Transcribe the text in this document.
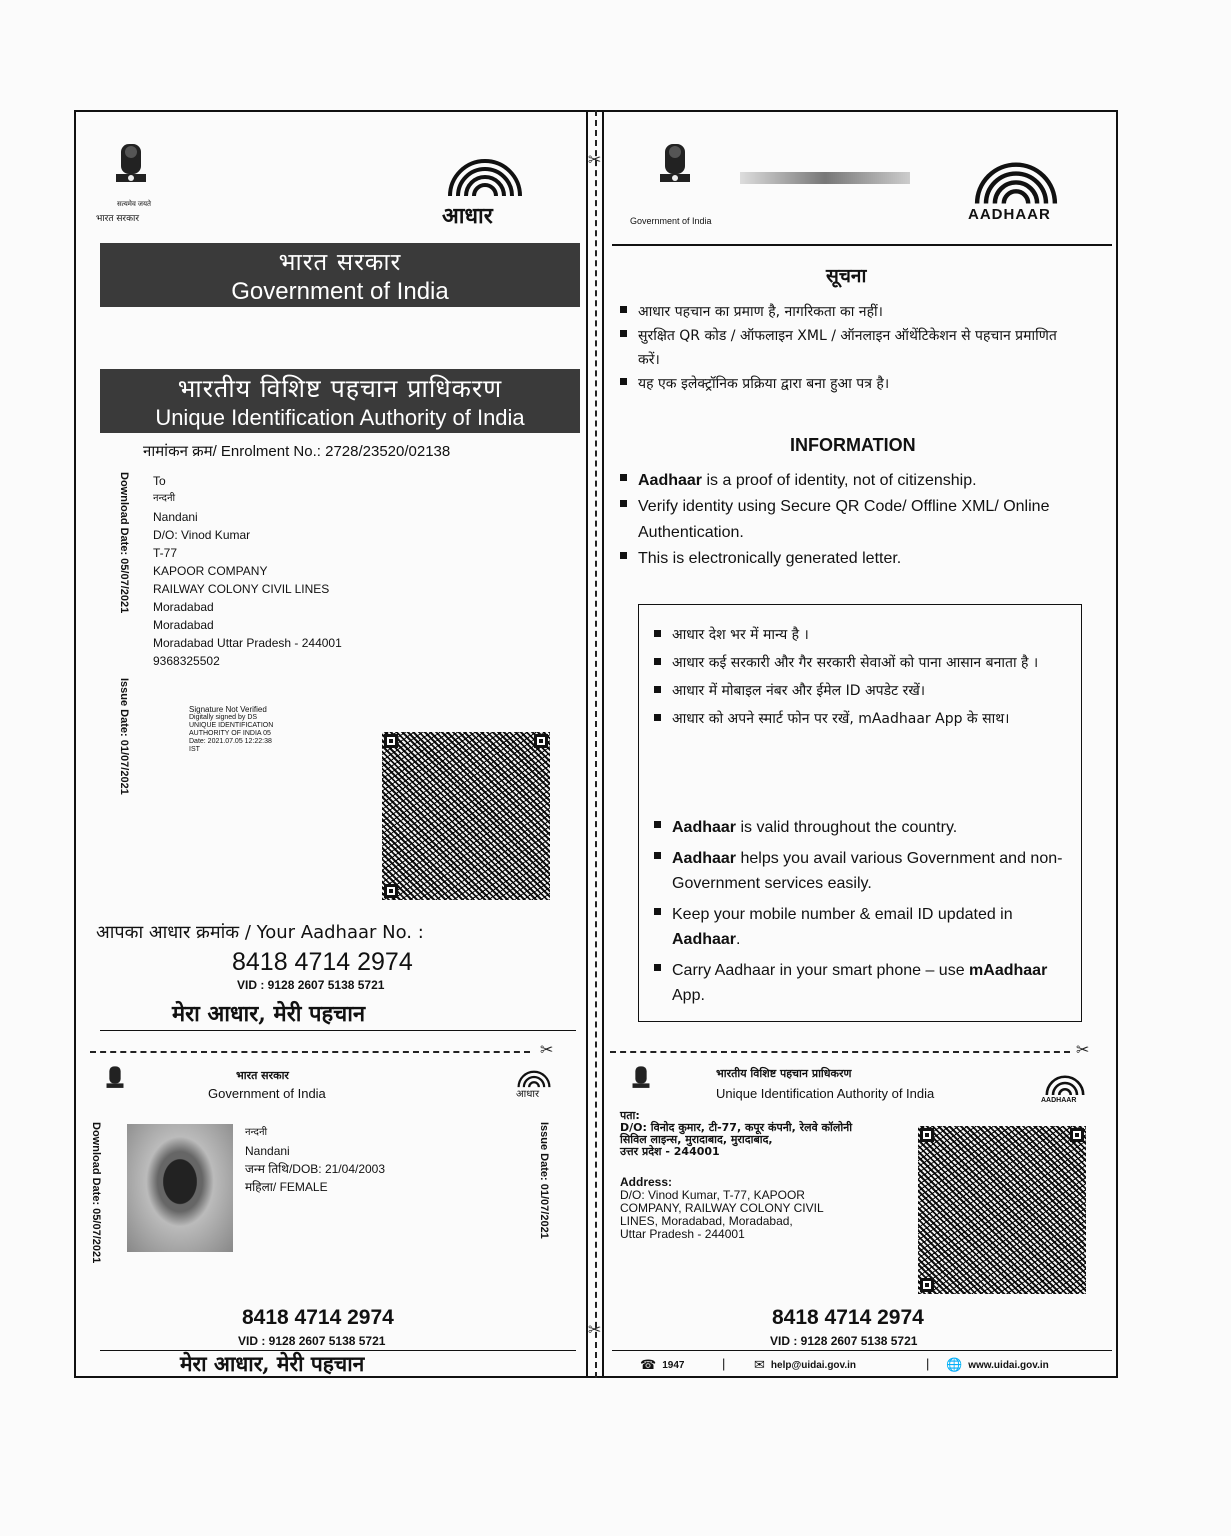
✂
✂
सत्यमेव जयते
भारत सरकार	आधार
भारत सरकार
Government of India
भारतीय विशिष्ट पहचान प्राधिकरण
Unique Identification Authority of India
नामांकन क्रम/ Enrolment No.: 2728/23520/02138
Download Date: 05/07/2021
Issue Date: 01/07/2021
To
नन्दनी
Nandani
D/O: Vinod Kumar
T-77
KAPOOR COMPANY
RAILWAY COLONY CIVIL LINES
Moradabad
Moradabad
Moradabad Uttar Pradesh - 244001
9368325502
Signature Not Verified
Digitally signed by DS
UNIQUE IDENTIFICATION
AUTHORITY OF INDIA 05
Date: 2021.07.05 12:22:38
IST
आपका आधार क्रमांक / Your Aadhaar No. :
8418 4714 2974
VID : 9128 2607 5138 5721
मेरा आधार, मेरी पहचान
✂
भारत सरकार
Government of India	आधार
Download Date: 05/07/2021	Issue Date: 01/07/2021
नन्दनी
Nandani
जन्म तिथि/DOB: 21/04/2003
महिला/ FEMALE
8418 4714 2974
VID : 9128 2607 5138 5721
मेरा आधार, मेरी पहचान
Government of India	AADHAAR
सूचना
आधार पहचान का प्रमाण है, नागरिकता का नहीं।
सुरक्षित QR कोड / ऑफलाइन XML / ऑनलाइन ऑथेंटिकेशन से पहचान प्रमाणित करें।
यह एक इलेक्ट्रॉनिक प्रक्रिया द्वारा बना हुआ पत्र है।
INFORMATION
Aadhaar is a proof of identity, not of citizenship.
Verify identity using Secure QR Code/ Offline XML/ Online Authentication.
This is electronically generated letter.
आधार देश भर में मान्य है ।
आधार कई सरकारी और गैर सरकारी सेवाओं को पाना आसान बनाता है ।
आधार में मोबाइल नंबर और ईमेल ID अपडेट रखें।
आधार को अपने स्मार्ट फोन पर रखें, mAadhaar App के साथ।
Aadhaar is valid throughout the country.
Aadhaar helps you avail various Government and non-Government services easily.
Keep your mobile number & email ID updated in Aadhaar.
Carry Aadhaar in your smart phone – use mAadhaar App.
✂
भारतीय विशिष्ट पहचान प्राधिकरण
Unique Identification Authority of India	AADHAAR
पता:
D/O: विनोद कुमार, टी-77, कपूर कंपनी, रेलवे कॉलोनी
सिविल लाइन्स, मुरादाबाद, मुरादाबाद,
उत्तर प्रदेश - 244001
Address:
D/O: Vinod Kumar, T-77, KAPOOR
COMPANY, RAILWAY COLONY CIVIL
LINES, Moradabad, Moradabad,
Uttar Pradesh - 244001
8418 4714 2974
VID : 9128 2607 5138 5721
☎ 1947	| ✉ help@uidai.gov.in	| 🌐 www.uidai.gov.in
